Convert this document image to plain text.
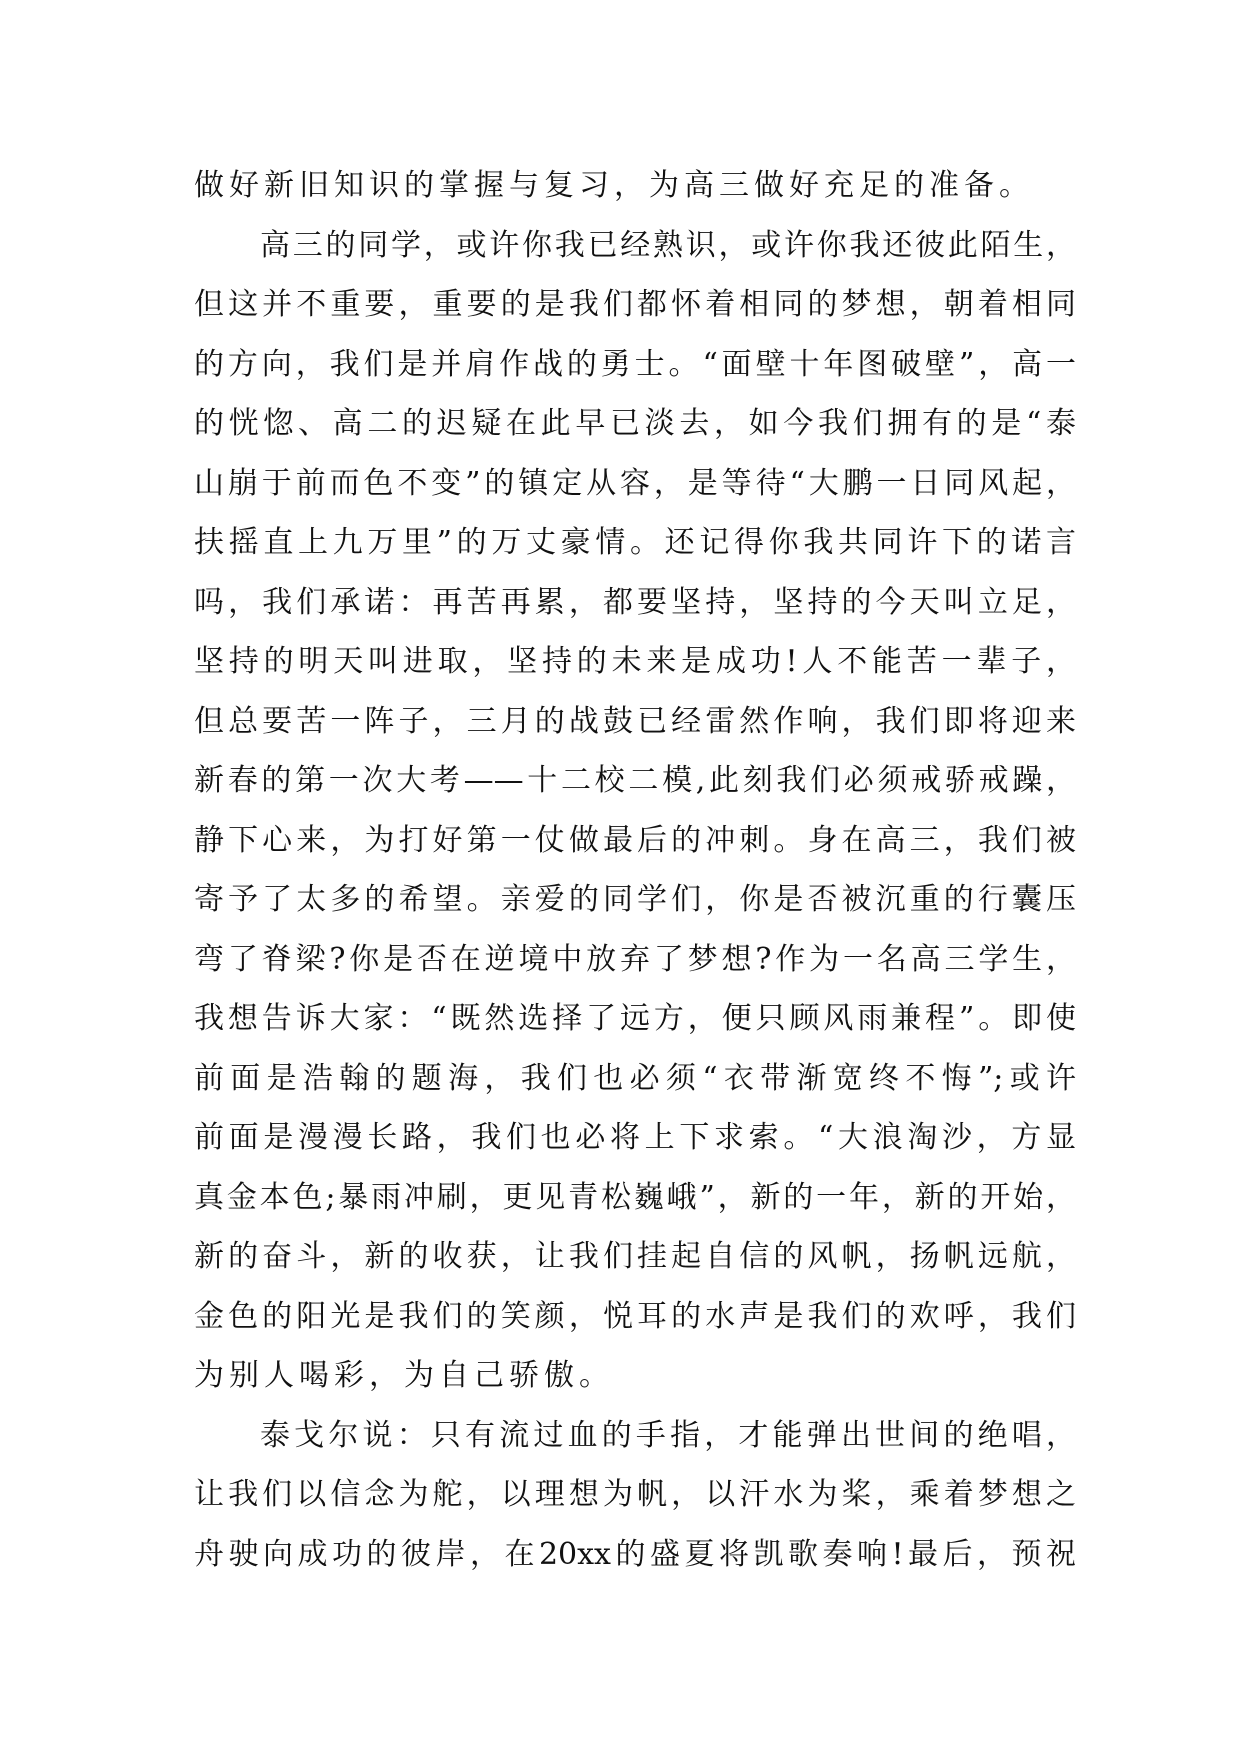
做好新旧知识的掌握与复习，为高三做好充足的准备。
高三的同学，或许你我已经熟识，或许你我还彼此陌生，
但这并不重要，重要的是我们都怀着相同的梦想，朝着相同
的方向，我们是并肩作战的勇士。“面壁十年图破壁”，高一
的恍惚、高二的迟疑在此早已淡去，如今我们拥有的是“泰
山崩于前而色不变”的镇定从容，是等待“大鹏一日同风起，
扶摇直上九万里”的万丈豪情。还记得你我共同许下的诺言
吗，我们承诺：再苦再累，都要坚持，坚持的今天叫立足，
坚持的明天叫进取，坚持的未来是成功!人不能苦一辈子，
但总要苦一阵子，三月的战鼓已经雷然作响，我们即将迎来
新春的第一次大考——十二校二模,此刻我们必须戒骄戒躁，
静下心来，为打好第一仗做最后的冲刺。身在高三，我们被
寄予了太多的希望。亲爱的同学们，你是否被沉重的行囊压
弯了脊梁?你是否在逆境中放弃了梦想?作为一名高三学生，
我想告诉大家：“既然选择了远方，便只顾风雨兼程”。即使
前面是浩翰的题海，我们也必须“衣带渐宽终不悔”;或许
前面是漫漫长路，我们也必将上下求索。“大浪淘沙，方显
真金本色;暴雨冲刷，更见青松巍峨”，新的一年，新的开始，
新的奋斗，新的收获，让我们挂起自信的风帆，扬帆远航，
金色的阳光是我们的笑颜，悦耳的水声是我们的欢呼，我们
为别人喝彩，为自己骄傲。
泰戈尔说：只有流过血的手指，才能弹出世间的绝唱，
让我们以信念为舵，以理想为帆，以汗水为桨，乘着梦想之
舟驶向成功的彼岸，在20xx的盛夏将凯歌奏响!最后，预祝
